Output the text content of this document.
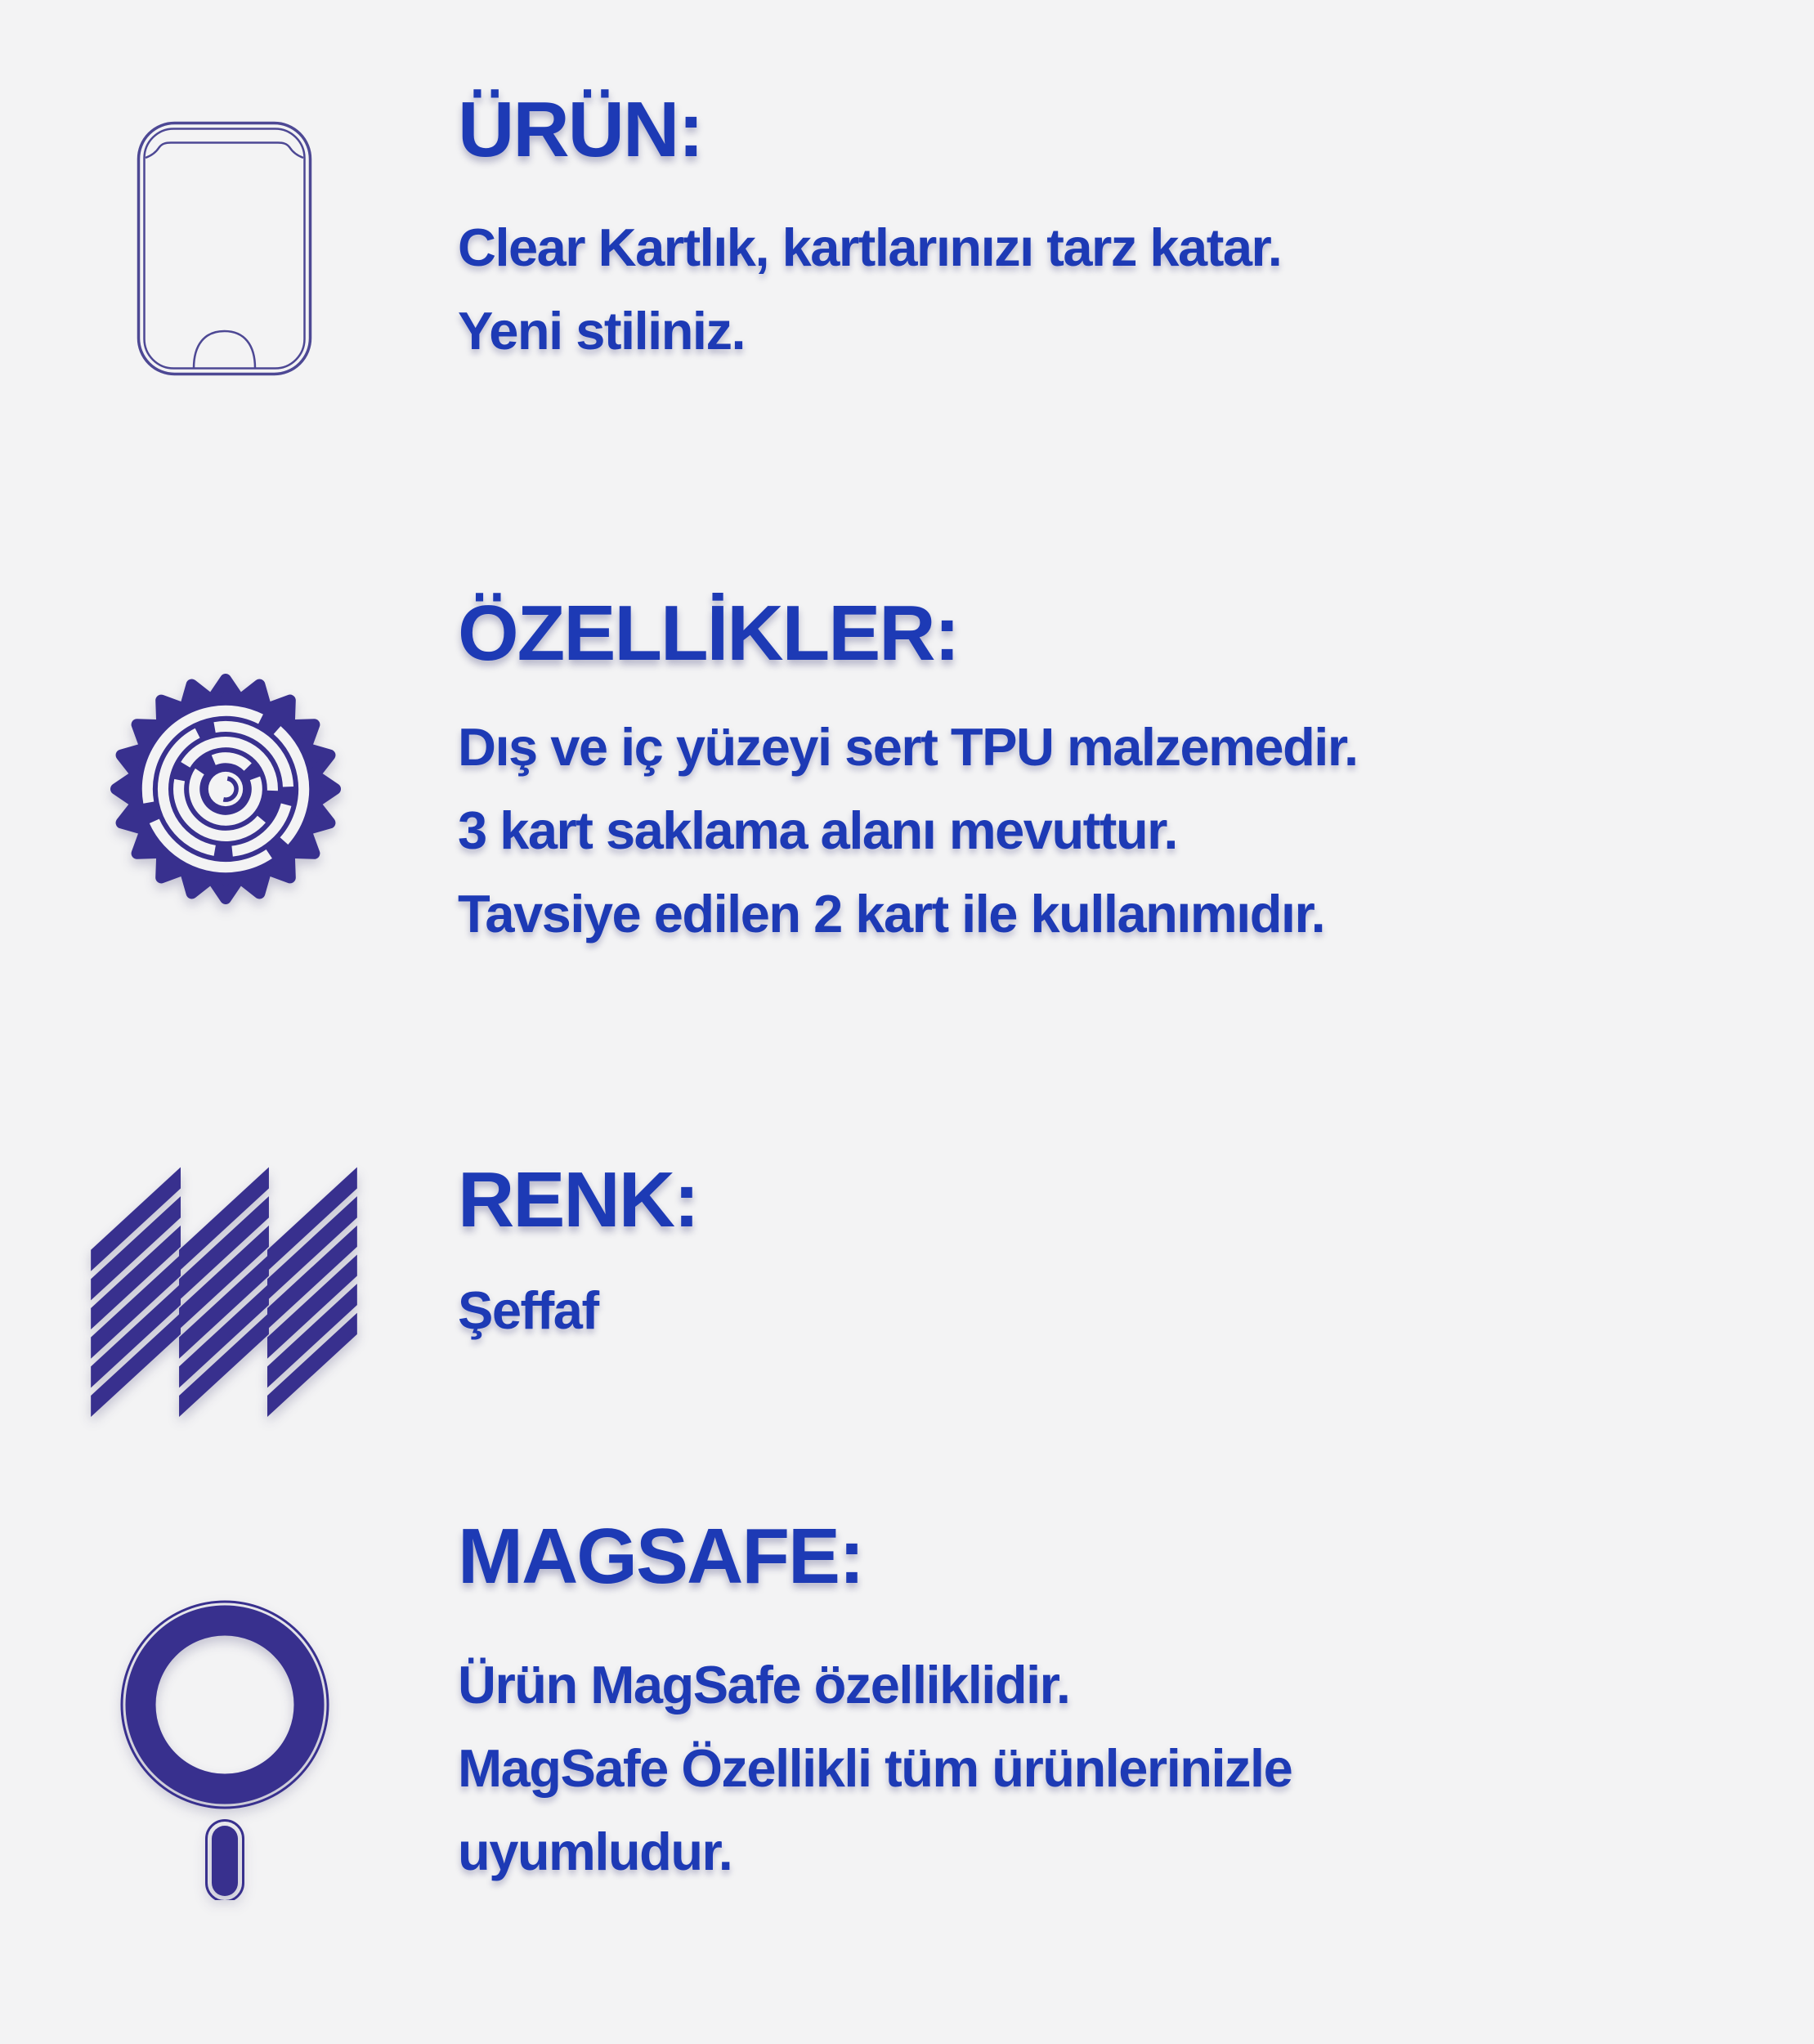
ÜRÜN:

Clear Kartlık, kartlarınızı tarz katar.

Yeni stiliniz.

ÖZELLİKLER:

Dış ve iç yüzeyi sert TPU malzemedir.

3 kart saklama alanı mevuttur.

Tavsiye edilen 2 kart ile kullanımıdır.

RENK:

Şeffaf

MAGSAFE:

Ürün MagSafe özelliklidir.

MagSafe Özellikli tüm ürünlerinizle

uyumludur.
